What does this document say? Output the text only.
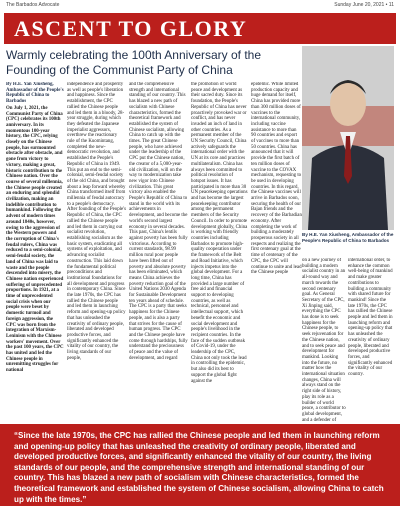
The Barbados Advocate	Sunday June 20, 2021 • 11
ASCENT TO GLORY
Warmly celebrating the 100th Anniversary of the Founding of the Communist Party of China
By H.E. Yan Xiusheng, Ambassador of the People's Republic of China to Barbados

By H.E. Yan Xiusheng, Ambassador of the People's Republic of China to Barbados

On July 1, 2021, the Communist Party of China (CPC) celebrates its 100th anniversary. In its momentous 100-year history, the CPC, relying closely on the Chinese people, has surmounted obstacle after obstacle, and gone from victory to victory, making a great, historic contribution to the Chinese nation. Over the course of several millennia, the Chinese people created an enduring and splendid civilization, making an indelible contribution to humankind. Following the advent of modern times around 1840s, however, owing to the aggression of the Western powers and the corruption of China's feudal rulers, China was reduced to a semi-colonial, semi-feudal society, the land of China was laid to waste and the people descended into misery, the Chinese nation experienced suffering of unprecedented proportions. In 1921, at a time of unprecedented social crisis when our people were beset by domestic turmoil and foreign aggression, the CPC was born from the integration of Marxism-Leninism with the Chinese workers' movement. Over the past 100 years, the CPC has united and led the Chinese people in unremitting struggles for national

independence and prosperity as well as people's liberation and happiness. Since the establishment, the CPC rallied the Chinese people and led them in a bloody, 28-year struggle, during which they defeated the Japanese imperialist aggressors, overthrew the reactionary rule of the Kuomintang, completed the new-democratic revolution, and established the People's Republic of China in 1949. This put an end to the semi-colonial, semi-feudal society of the old China, and brought about a leap forward whereby China transformed itself from millennia of feudal autocracy to a people's democracy. After founding of the People's Republic of China, the CPC rallied the Chinese people and led them in carrying out socialist revolution, establishing socialism as the basic system, eradicating all systems of exploitation, and advancing socialist construction. This laid down the fundamental political preconditions and institutional foundations for all development and progress in contemporary China. Since the late 1970s, the CPC has rallied the Chinese people and led them in launching reform and opening-up policy that has unleashed the creativity of ordinary people, liberated and developed productive forces, and significantly enhanced the vitality of our country, the living standards of our people,

and the comprehensive strength and international standing of our country. This has blazed a new path of socialism with Chinese characteristics, formed the theoretical framework and established the system of Chinese socialism, allowing China to catch up with the times. The great Chinese people, who have achieved under the leadership of the CPC put the Chinese nation, the creator of a 5,000-year-old civilization, will on the way to modernization take new vigor into Chinese civilization. This great victory also enabled the People's Republic of China to stand in the world with its achievements in development, and become the world's second largest economy in several decades. This past, China's lentils against poverty has been fully victorious. According to current standards, 98.99 million rural poor people have been lifted out of poverty and absolute poverty has been eliminated, which means China achieves the poverty reduction goal of the United Nations 2030 Agenda for Sustainable Development ten years ahead of schedule. The CPC is a party that seeks happiness for the Chinese people, and is also a party that strives for the cause of human progress. The CPC and the Chinese people have come through hardships, fully understand the preciousness of peace and the value of development, and regard

the promotion of world peace and development as their sacred duty. Since its foundation, the People's Republic of China has never proactively provoked war or conflict, and has never invaded an inch of land in other countries. As a permanent member of the UN Security Council, China actively safeguards the international order with the UN at its core and practices multilateralism. China has always been committed to political resolution of hotspot issues. It has participated in more than 30 UN peacekeeping operations and has become the largest peacekeeping contributor among the permanent members of the Security Council. In order to promote development globally, China is working with friendly countries including Barbados to promote high-quality cooperation under the framework of the Belt and Road Initiative, which injects impetus into the global development. For a long time, China has provided a large number of free aid and financial support to developing countries, as well as technical, personnel and intellectual support, which benefit the economic and social development and people's livelihood in the recipient countries. In the face of the sudden outbreak of Covid-19, under the leadership of the CPC, China not only took the lead in controlling the epidemic, but also did its best to support the global fight against the

epidemic. While limited production capacity and huge demand for itself, China has provided more than 300 million doses of vaccines to the international community, including vaccine assistance to more than 90 countries and export of vaccines to more than 50 countries. China has announced that it will provide the first batch of ten million doses of vaccine to the COVAX mechanism, requesting to be used in developing countries. In this regard, the Chinese vaccines will arrive in Barbados soon, securing the health of our Bajan friends and the recovery of the Barbadian economy. After completing the work of building a moderately prosperous society in all respects and realizing the first centenary goal at the time of centenary of the CPC, the CPC will continue to unite and lead the Chinese people

on a new journey of building a modern socialist country in an all-round way and march towards the second centenary goal. As General Secretary of the CPC, Xi Jinping said, everything the CPC has done is to seek happiness for the Chinese people, to seek rejuvenation for the Chinese nation, and to seek peace and development for mankind. Looking into the future, no matter how the international situation changes, China will always stand on the right side of history, play its role as a builder of world peace, a contributor to global development, and a defender of

international order, to enhance the common well-being of mankind and make greater contributions to building a community with shared future for mankind! Since the late 1970s, the CPC has rallied the Chinese people and led them in launching reform and opening-up policy that has unleashed the creativity of ordinary people, liberated and developed productive forces, and significantly enhanced the vitality of our country.

“Since the late 1970s, the CPC has rallied the Chinese people and led them in launching reform and opening-up policy that has unleashed the creativity of ordinary people, liberated and developed productive forces, and significantly enhanced the vitality of our country, the living standards of our people, and the comprehensive strength and international standing of our country. This has blazed a new path of socialism with Chinese characteristics, formed the theoretical framework and established the system of Chinese socialism, allowing China to catch up with the times.”
